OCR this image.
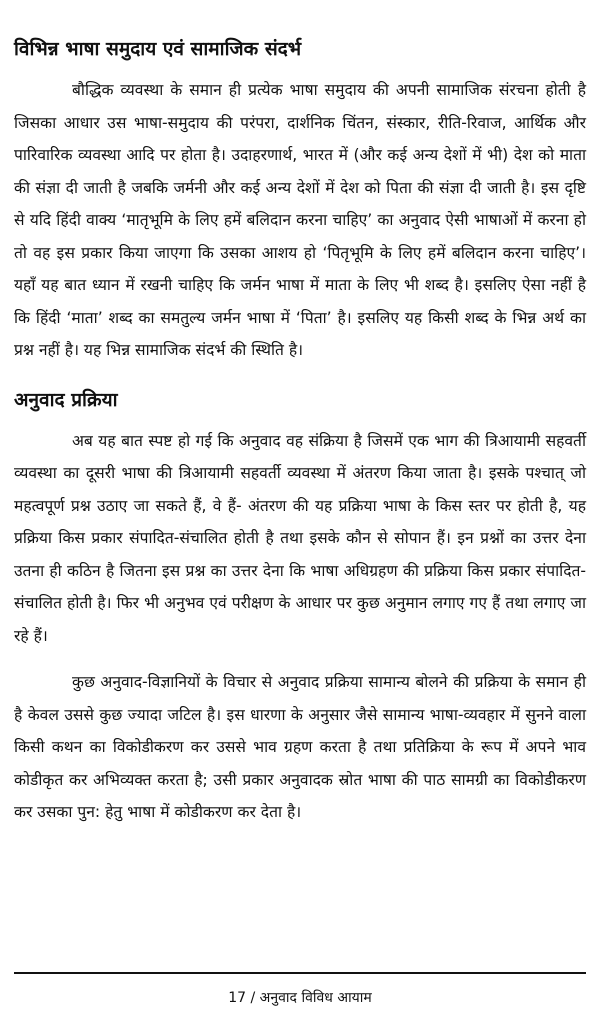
विभिन्न भाषा समुदाय एवं सामाजिक संदर्भ

बौद्धिक व्यवस्था के समान ही प्रत्येक भाषा समुदाय की अपनी सामाजिक संरचना होती है जिसका आधार उस भाषा-समुदाय की परंपरा, दार्शनिक चिंतन, संस्कार, रीति-रिवाज, आर्थिक और पारिवारिक व्यवस्था आदि पर होता है। उदाहरणार्थ, भारत में (और कई अन्य देशों में भी) देश को माता की संज्ञा दी जाती है जबकि जर्मनी और कई अन्य देशों में देश को पिता की संज्ञा दी जाती है। इस दृष्टि से यदि हिंदी वाक्य ‘मातृभूमि के लिए हमें बलिदान करना चाहिए’ का अनुवाद ऐसी भाषाओं में करना हो तो वह इस प्रकार किया जाएगा कि उसका आशय हो ‘पितृभूमि के लिए हमें बलिदान करना चाहिए’। यहाँ यह बात ध्यान में रखनी चाहिए कि जर्मन भाषा में माता के लिए भी शब्द है। इसलिए ऐसा नहीं है कि हिंदी ‘माता’ शब्द का समतुल्य जर्मन भाषा में ‘पिता’ है। इसलिए यह किसी शब्द के भिन्न अर्थ का प्रश्न नहीं है। यह भिन्न सामाजिक संदर्भ की स्थिति है।

अनुवाद प्रक्रिया

अब यह बात स्पष्ट हो गई कि अनुवाद वह संक्रिया है जिसमें एक भाग की त्रिआयामी सहवर्ती व्यवस्था का दूसरी भाषा की त्रिआयामी सहवर्ती व्यवस्था में अंतरण किया जाता है। इसके पश्चात् जो महत्वपूर्ण प्रश्न उठाए जा सकते हैं, वे हैं- अंतरण की यह प्रक्रिया भाषा के किस स्तर पर होती है, यह प्रक्रिया किस प्रकार संपादित-संचालित होती है तथा इसके कौन से सोपान हैं। इन प्रश्नों का उत्तर देना उतना ही कठिन है जितना इस प्रश्न का उत्तर देना कि भाषा अधिग्रहण की प्रक्रिया किस प्रकार संपादित-संचालित होती है। फिर भी अनुभव एवं परीक्षण के आधार पर कुछ अनुमान लगाए गए हैं तथा लगाए जा रहे हैं।

कुछ अनुवाद-विज्ञानियों के विचार से अनुवाद प्रक्रिया सामान्य बोलने की प्रक्रिया के समान ही है केवल उससे कुछ ज्यादा जटिल है। इस धारणा के अनुसार जैसे सामान्य भाषा-व्यवहार में सुनने वाला किसी कथन का विकोडीकरण कर उससे भाव ग्रहण करता है तथा प्रतिक्रिया के रूप में अपने भाव कोडीकृत कर अभिव्यक्त करता है; उसी प्रकार अनुवादक स्रोत भाषा की पाठ सामग्री का विकोडीकरण कर उसका पुन: हेतु भाषा में कोडीकरण कर देता है।

17 / अनुवाद विविध आयाम
